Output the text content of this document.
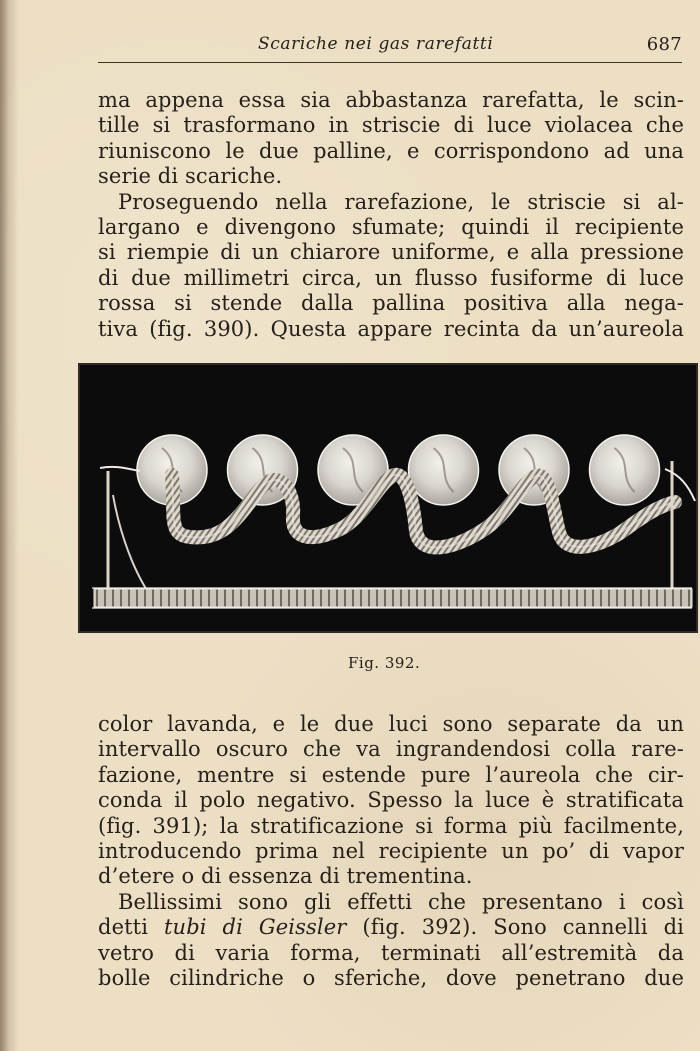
Scariche nei gas rarefatti	687
ma appena essa sia abbastanza rarefatta, le scin-
tille si trasformano in striscie di luce violacea che
riuniscono le due palline, e corrispondono ad una
serie di scariche.
Proseguendo nella rarefazione, le striscie si al-
largano e divengono sfumate; quindi il recipiente
si riempie di un chiarore uniforme, e alla pressione
di due millimetri circa, un flusso fusiforme di luce
rossa si stende dalla pallina positiva alla nega-
tiva (fig. 390). Questa appare recinta da un’aureola
Fig. 392.
color lavanda, e le due luci sono separate da un
intervallo oscuro che va ingrandendosi colla rare-
fazione, mentre si estende pure l’aureola che cir-
conda il polo negativo. Spesso la luce è stratificata
(fig. 391); la stratificazione si forma più facilmente,
introducendo prima nel recipiente un po’ di vapor
d’etere o di essenza di trementina.
Bellissimi sono gli effetti che presentano i così
detti tubi di Geissler (fig. 392). Sono cannelli di
vetro di varia forma, terminati all’estremità da
bolle cilindriche o sferiche, dove penetrano due
